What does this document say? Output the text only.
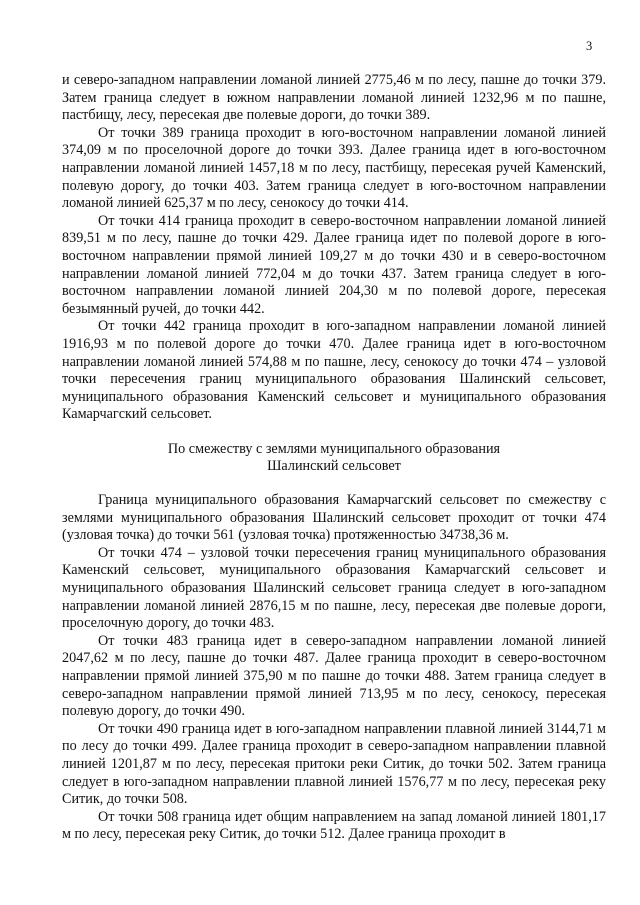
3

и северо-западном направлении ломаной линией 2775,46 м по лесу, пашне до точки 379. Затем граница следует в южном направлении ломаной линией 1232,96 м по пашне, пастбищу, лесу, пересекая две полевые дороги, до точки 389.

От точки 389 граница проходит в юго-восточном направлении ломаной линией 374,09 м по проселочной дороге до точки 393. Далее граница идет в юго-восточном направлении ломаной линией 1457,18 м по лесу, пастбищу, пересекая ручей Каменский, полевую дорогу, до точки 403. Затем граница следует в юго-восточном направлении ломаной линией 625,37 м по лесу, сенокосу до точки 414.

От точки 414 граница проходит в северо-восточном направлении ломаной линией 839,51 м по лесу, пашне до точки 429. Далее граница идет по полевой дороге в юго-восточном направлении прямой линией 109,27 м до точки 430 и в северо-восточном направлении ломаной линией 772,04 м до точки 437. Затем граница следует в юго-восточном направлении ломаной линией 204,30 м по полевой дороге, пересекая безымянный ручей, до точки 442.

От точки 442 граница проходит в юго-западном направлении ломаной линией 1916,93 м по полевой дороге до точки 470. Далее граница идет в юго-восточном направлении ломаной линией 574,88 м по пашне, лесу, сенокосу до точки 474 – узловой точки пересечения границ муниципального образования Шалинский сельсовет, муниципального образования Каменский сельсовет и муниципального образования Камарчагский сельсовет.

По смежеству с землями муниципального образования
Шалинский сельсовет

Граница муниципального образования Камарчагский сельсовет по смежеству с землями муниципального образования Шалинский сельсовет проходит от точки 474 (узловая точка) до точки 561 (узловая точка) протяженностью 34738,36 м.

От точки 474 – узловой точки пересечения границ муниципального образования Каменский сельсовет, муниципального образования Камарчагский сельсовет и муниципального образования Шалинский сельсовет граница следует в юго-западном направлении ломаной линией 2876,15 м по пашне, лесу, пересекая две полевые дороги, проселочную дорогу, до точки 483.

От точки 483 граница идет в северо-западном направлении ломаной линией 2047,62 м по лесу, пашне до точки 487. Далее граница проходит в северо-восточном направлении прямой линией 375,90 м по пашне до точки 488. Затем граница следует в северо-западном направлении прямой линией 713,95 м по лесу, сенокосу, пересекая полевую дорогу, до точки 490.

От точки 490 граница идет в юго-западном направлении плавной линией 3144,71 м по лесу до точки 499. Далее граница проходит в северо-западном направлении плавной линией 1201,87 м по лесу, пересекая притоки реки Ситик, до точки 502. Затем граница следует в юго-западном направлении плавной линией 1576,77 м по лесу, пересекая реку Ситик, до точки 508.

От точки 508 граница идет общим направлением на запад ломаной линией 1801,17 м по лесу, пересекая реку Ситик, до точки 512. Далее граница проходит в
